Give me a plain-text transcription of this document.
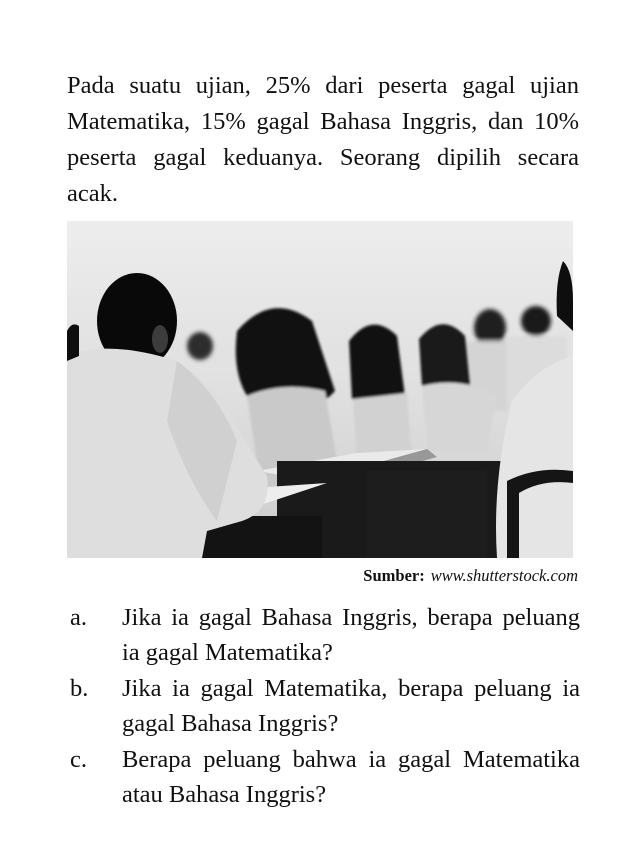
Pada suatu ujian, 25% dari peserta gagal ujian Matematika, 15% gagal Bahasa Inggris, dan 10% peserta gagal keduanya. Seorang dipilih secara acak.

Sumber: www.shutterstock.com
a.	Jika ia gagal Bahasa Inggris, berapa peluang ia gagal Matematika?
b.	Jika ia gagal Matematika, berapa peluang ia gagal Bahasa Inggris?
c.	Berapa peluang bahwa ia gagal Matematika atau Bahasa Inggris?
